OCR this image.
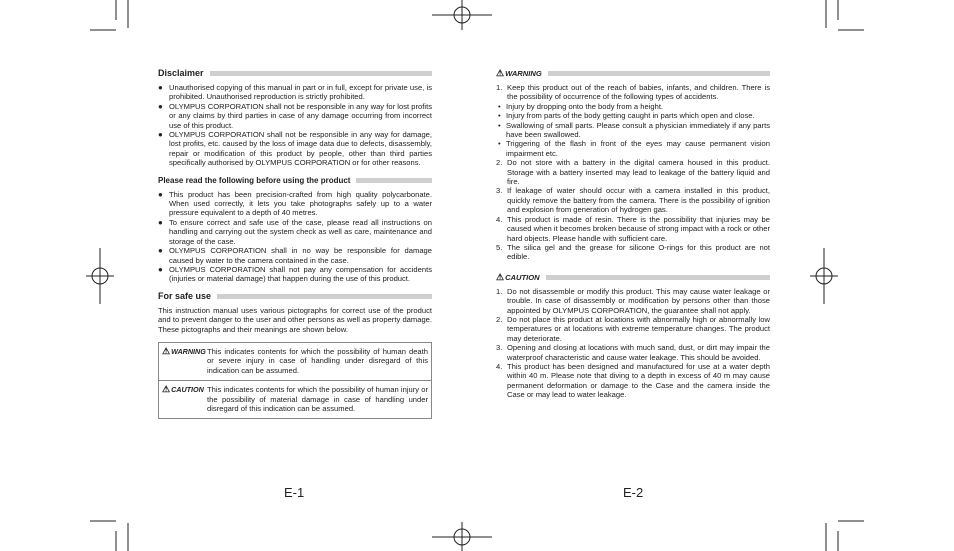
Disclaimer
● Unauthorised copying of this manual in part or in full, except for private use, is prohibited. Unauthorised reproduction is strictly prohibited.
● OLYMPUS CORPORATION shall not be responsible in any way for lost profits or any claims by third parties in case of any damage occurring from incorrect use of this product.
● OLYMPUS CORPORATION shall not be responsible in any way for damage, lost profits, etc. caused by the loss of image data due to defects, disassembly, repair or modification of this product by people, other than third parties specifically authorised by OLYMPUS CORPORATION or for other reasons.
Please read the following before using the product
● This product has been precision-crafted from high quality polycarbonate. When used correctly, it lets you take photographs safely up to a water pressure equivalent to a depth of 40 metres.
● To ensure correct and safe use of the case, please read all instructions on handling and carrying out the system check as well as care, maintenance and storage of the case.
● OLYMPUS CORPORATION shall in no way be responsible for damage caused by water to the camera contained in the case.
● OLYMPUS CORPORATION shall not pay any compensation for accidents (injuries or material damage) that happen during the use of this product.
For safe use

This instruction manual uses various pictographs for correct use of the product and to prevent danger to the user and other persons as well as property damage. These pictographs and their meanings are shown below.

⚠WARNING This indicates contents for which the possibility of human death or severe injury in case of handling under disregard of this indication can be assumed.
⚠CAUTION This indicates contents for which the possibility of human injury or the possibility of material damage in case of handling under disregard of this indication can be assumed.
⚠WARNING
1. Keep this product out of the reach of babies, infants, and children. There is the possibility of occurrence of the following types of accidents.
• Injury by dropping onto the body from a height.
• Injury from parts of the body getting caught in parts which open and close.
• Swallowing of small parts. Please consult a physician immediately if any parts have been swallowed.
• Triggering of the flash in front of the eyes may cause permanent vision impairment etc.
2. Do not store with a battery in the digital camera housed in this product. Storage with a battery inserted may lead to leakage of the battery liquid and fire.
3. If leakage of water should occur with a camera installed in this product, quickly remove the battery from the camera. There is the possibility of ignition and explosion from generation of hydrogen gas.
4. This product is made of resin. There is the possibility that injuries may be caused when it becomes broken because of strong impact with a rock or other hard objects. Please handle with sufficient care.
5. The silica gel and the grease for silicone O-rings for this product are not edible.
⚠CAUTION
1. Do not disassemble or modify this product. This may cause water leakage or trouble. In case of disassembly or modification by persons other than those appointed by OLYMPUS CORPORATION, the guarantee shall not apply.
2. Do not place this product at locations with abnormally high or abnormally low temperatures or at locations with extreme temperature changes. The product may deteriorate.
3. Opening and closing at locations with much sand, dust, or dirt may impair the waterproof characteristic and cause water leakage. This should be avoided.
4. This product has been designed and manufactured for use at a water depth within 40 m. Please note that diving to a depth in excess of 40 m may cause permanent deformation or damage to the Case and the camera inside the Case or may lead to water leakage.
E-1	E-2
